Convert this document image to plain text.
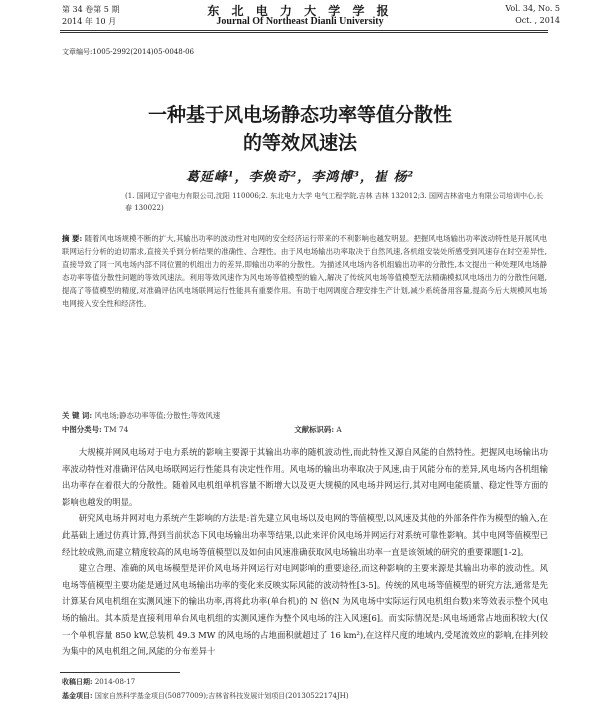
第 34 卷第 5 期
2014 年 10 月
东 北 电 力 大 学 学 报
Journal Of Northeast Dianli University
Vol. 34, No. 5
Oct. , 2014
文章编号:1005-2992(2014)05-0048-06
一种基于风电场静态功率等值分散性
的等效风速法
葛延峰¹，李焕奇²，李鸿博³，崔 杨²
(1. 国网辽宁省电力有限公司,沈阳 110006;2. 东北电力大学 电气工程学院,吉林 吉林 132012;3. 国网吉林省电力有限公司培训中心,长春 130022)
摘 要: 随着风电场规模不断的扩大,其输出功率的波动性对电网的安全经济运行带来的不利影响也越发明显。把握风电场输出功率波动特性是开展风电联网运行分析的迫切需求,直接关乎到分析结果的准确性、合理性。由于风电场输出功率取决于自然风速,各机组安装处所感受到风速存在时空差异性,直接导致了同一风电场内部不同位置的机组出力的差异,即输出功率的分散性。为描述风电场内各机组输出功率的分散性,本文提出一种处理风电场静态功率等值分散性问题的等效风速法。利用等效风速作为风电场等值模型的输入,解决了传统风电场等值模型无法精确模拟风电场出力的分散性问题,提高了等值模型的精度,对准确评估风电场联网运行性能具有重要作用。有助于电网调度合理安排生产计划,减少系统备用容量,提高今后大规模风电场电网接入安全性和经济性。
关 键 词: 风电场;静态功率等值;分散性;等效风速
中图分类号: TM 74	文献标识码: A

大规模并网风电场对于电力系统的影响主要源于其输出功率的随机波动性,而此特性又源自风能的自然特性。把握风电场输出功率波动特性对准确评估风电场联网运行性能具有决定性作用。风电场的输出功率取决于风速,由于风能分布的差异,风电场内各机组输出功率存在着很大的分散性。随着风电机组单机容量不断增大以及更大规模的风电场并网运行,其对电网电能质量、稳定性等方面的影响也越发的明显。

研究风电场并网对电力系统产生影响的方法是:首先建立风电场以及电网的等值模型,以风速及其他的外部条件作为模型的输入,在此基础上通过仿真计算,得到当前状态下风电场输出功率等结果,以此来评价风电场并网运行对系统可靠性影响。其中电网等值模型已经比较成熟,而建立精度较高的风电场等值模型以及如何由风速准确获取风电场输出功率一直是该领域的研究的重要课题[1-2]。

建立合理、准确的风电场模型是评价风电场并网运行对电网影响的重要途径,而这种影响的主要来源是其输出功率的波动性。风电场等值模型主要功能是通过风电场输出功率的变化来反映实际风能的波动特性[3-5]。传统的风电场等值模型的研究方法,通常是先计算某台风电机组在实测风速下的输出功率,再将此功率(单台机)的 N 倍(N 为风电场中实际运行风电机组台数)来等效表示整个风电场的输出。其本质是直接利用单台风电机组的实测风速作为整个风电场的注入风速[6]。而实际情况是:风电场通常占地面积较大(仅一个单机容量 850 kW,总装机 49.3 MW 的风电场的占地面积就超过了 16 km²),在这样尺度的地域内,受尾流效应的影响,在排列较为集中的风电机组之间,风能的分布差异十

收稿日期: 2014-08-17
基金项目: 国家自然科学基金项目(50877009);吉林省科技发展计划项目(20130522174JH)
